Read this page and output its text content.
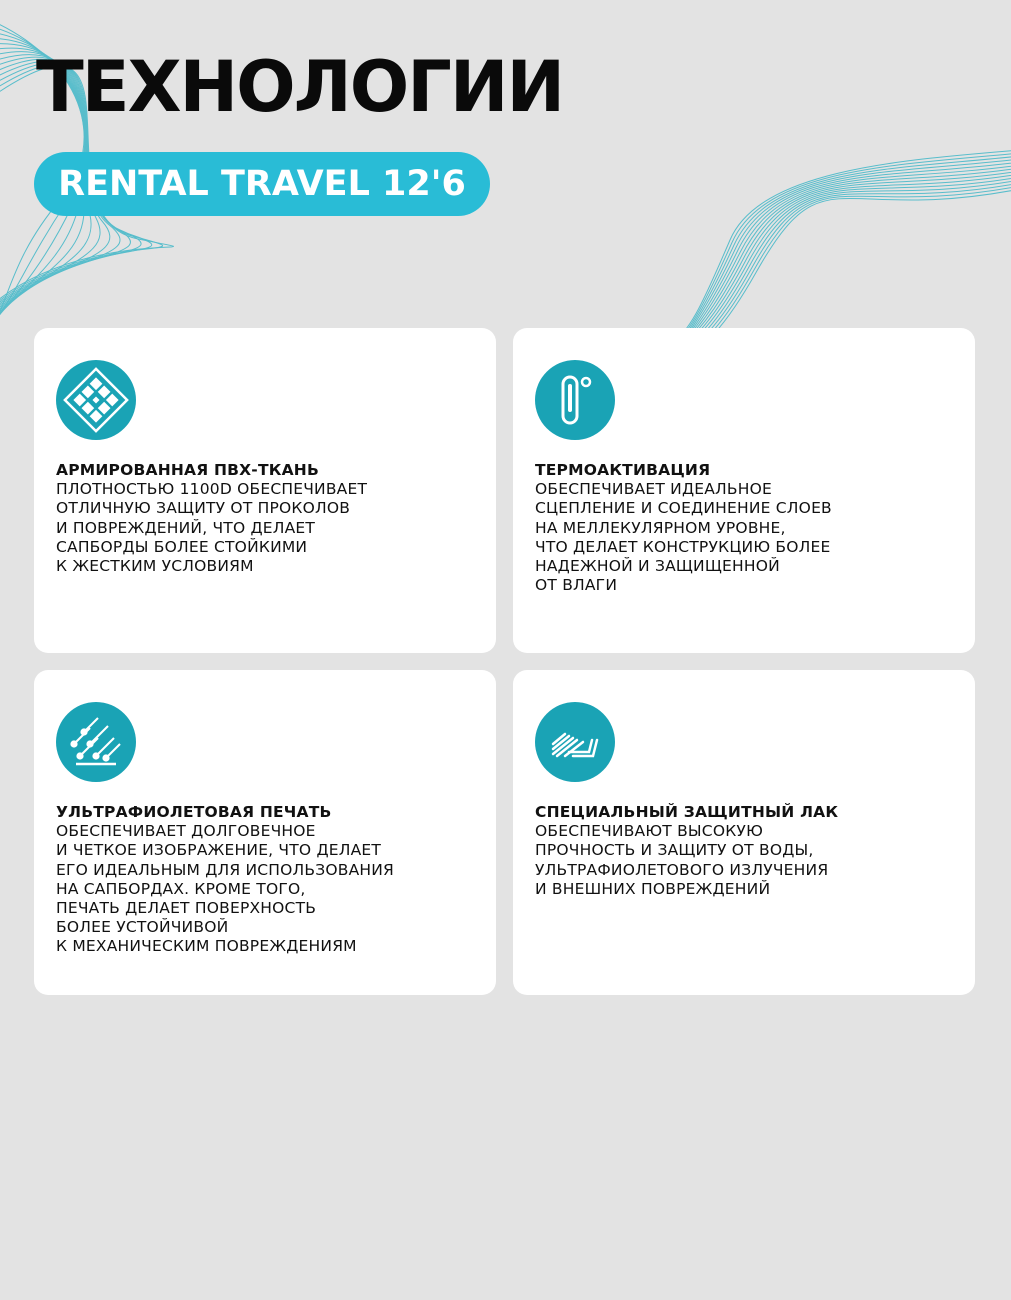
ТЕХНОЛОГИИ
RENTAL TRAVEL 12'6
АРМИРОВАННАЯ ПВХ-ТКАНЬ
ПЛОТНОСТЬЮ 1100D ОБЕСПЕЧИВАЕТ
ОТЛИЧНУЮ ЗАЩИТУ ОТ ПРОКОЛОВ
И ПОВРЕЖДЕНИЙ, ЧТО ДЕЛАЕТ
САПБОРДЫ БОЛЕЕ СТОЙКИМИ
К ЖЕСТКИМ УСЛОВИЯМ
ТЕРМОАКТИВАЦИЯ
ОБЕСПЕЧИВАЕТ ИДЕАЛЬНОЕ
СЦЕПЛЕНИЕ И СОЕДИНЕНИЕ СЛОЕВ
НА МЕЛЛЕКУЛЯРНОМ УРОВНЕ,
ЧТО ДЕЛАЕТ КОНСТРУКЦИЮ БОЛЕЕ
НАДЕЖНОЙ И ЗАЩИЩЕННОЙ
ОТ ВЛАГИ
УЛЬТРАФИОЛЕТОВАЯ ПЕЧАТЬ
ОБЕСПЕЧИВАЕТ ДОЛГОВЕЧНОЕ
И ЧЕТКОЕ ИЗОБРАЖЕНИЕ, ЧТО ДЕЛАЕТ
ЕГО ИДЕАЛЬНЫМ ДЛЯ ИСПОЛЬЗОВАНИЯ
НА САПБОРДАХ. КРОМЕ ТОГО,
ПЕЧАТЬ ДЕЛАЕТ ПОВЕРХНОСТЬ
БОЛЕЕ УСТОЙЧИВОЙ
К МЕХАНИЧЕСКИМ ПОВРЕЖДЕНИЯМ
СПЕЦИАЛЬНЫЙ ЗАЩИТНЫЙ ЛАК
ОБЕСПЕЧИВАЮТ ВЫСОКУЮ
ПРОЧНОСТЬ И ЗАЩИТУ ОТ ВОДЫ,
УЛЬТРАФИОЛЕТОВОГО ИЗЛУЧЕНИЯ
И ВНЕШНИХ ПОВРЕЖДЕНИЙ
